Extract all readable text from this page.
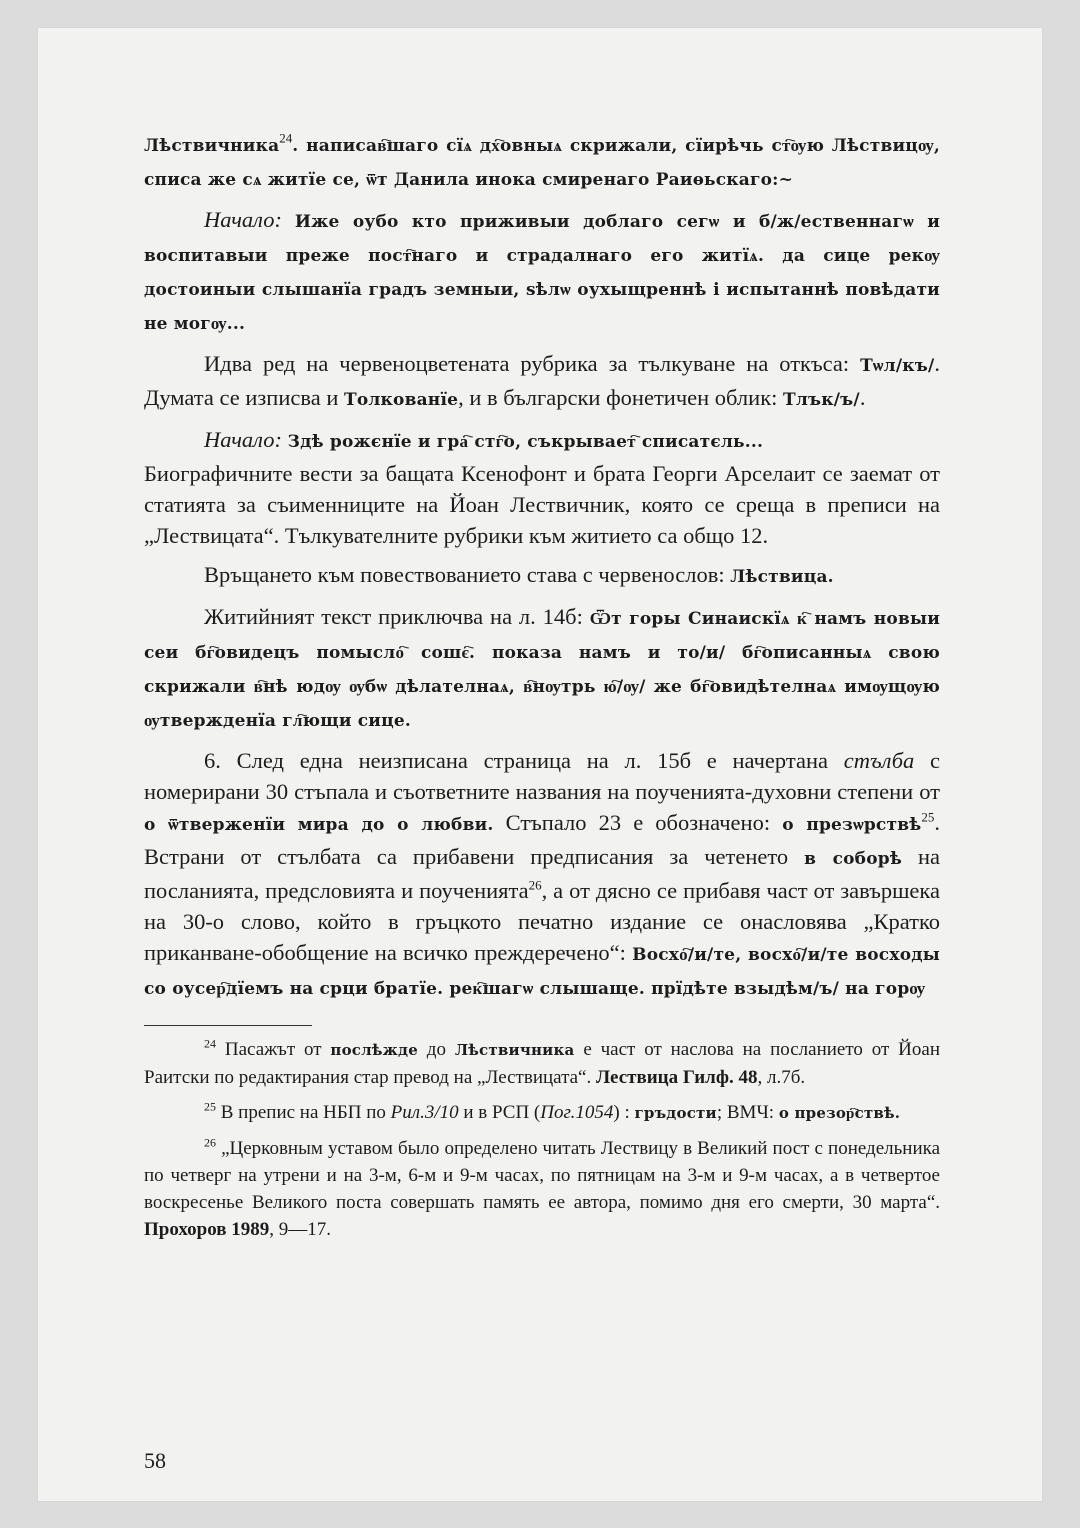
Лѣствичника$^{24}$. написав҇шаго сїѧ дх҇овныѧ скрижали, сїирѣчь ст҇ѹю Лѣствицѹ, списа же сѧ житїе се, ѿт Данила инока смиренаго Раиѳьскаго:~

Начало: Иже оубо кто приживыи доблаго сегѡ и б/ж/ественнагѡ и воспитавыи преже пост҇наго и страдалнаго его житїѧ. да сице рекѹ достоиныи слышанїа градъ земныи, ѕѣлѡ оухыщреннѣ і испытаннѣ повѣдати не могѹ...

Идва ред на червеноцветената рубрика за тълкуване на откъса: Тѡл/къ/. Думата се изписва и Толкованїе, и в български фонетичен облик: Тлък/ъ/.

Начало: Здѣ рожєнїе и гра҇ стг҇о, съкрывает҇ списатєль...

Биографичните вести за бащата Ксенофонт и брата Георги Арселаит се заемат от статията за съименниците на Йоан Лествичник, която се среща в преписи на „Лествицата“. Тълкувателните рубрики към житието са общо 12.

Връщането към повествованието става с червенослов: Лѣствица.

Житийният текст приключва на л. 14б: Ѿт горы Синаискїѧ к҇ намъ новыи сеи бг҇овидецъ помысло҇ сошє҇. показа намъ и то/и/ бг҇описанныѧ свою скрижали в҇нѣ юдѹ ѹбѡ дѣлателнаѧ, в҇нѹтрь ю҇/ѹ/ же бг҇овидѣтелнаѧ имѹщѹю ѹтвержденїа гл҇ющи сице.

6. След една неизписана страница на л. 15б е начертана стълба с номерирани 30 стъпала и съответните названия на поученията-духовни степени от о ѿтверженїи мира до о любви. Стъпало 23 е обозначено: о презѡрствѣ$^{25}$. Встрани от стълбата са прибавени предписания за четенето в соборѣ на посланията, предсловията и поученията$^{26}$, а от дясно се прибавя част от завършека на 30-о слово, който в гръцкото печатно издание се онасловява „Кратко приканване-обобщение на всичко преждеречено“: Восхо҇/и/те, восхо҇/и/те восходы со оусер҇дїемъ на срци братїе. рек҇шагѡ слышаще. прїдѣте взыдѣм/ъ/ на горѹ

$^{24}$ Пасажът от послѣжде до Лѣствичника е част от наслова на посланието от Йоан Раитски по редактирания стар превод на „Лествицата“. Лествица Гилф. 48, л.7б.

$^{25}$ В препис на НБП по Рил.3/10 и в РСП (Пог.1054) : гръдости; ВМЧ: о презор҇ствѣ.

$^{26}$ „Церковным уставом было определено читать Лествицу в Великий пост с понедельника по четверг на утрени и на 3-м, 6-м и 9-м часах, по пятницам на 3-м и 9-м часах, а в четвертое воскресенье Великого поста совершать память ее автора, помимо дня его смерти, 30 марта“. Прохоров 1989, 9—17.

58
